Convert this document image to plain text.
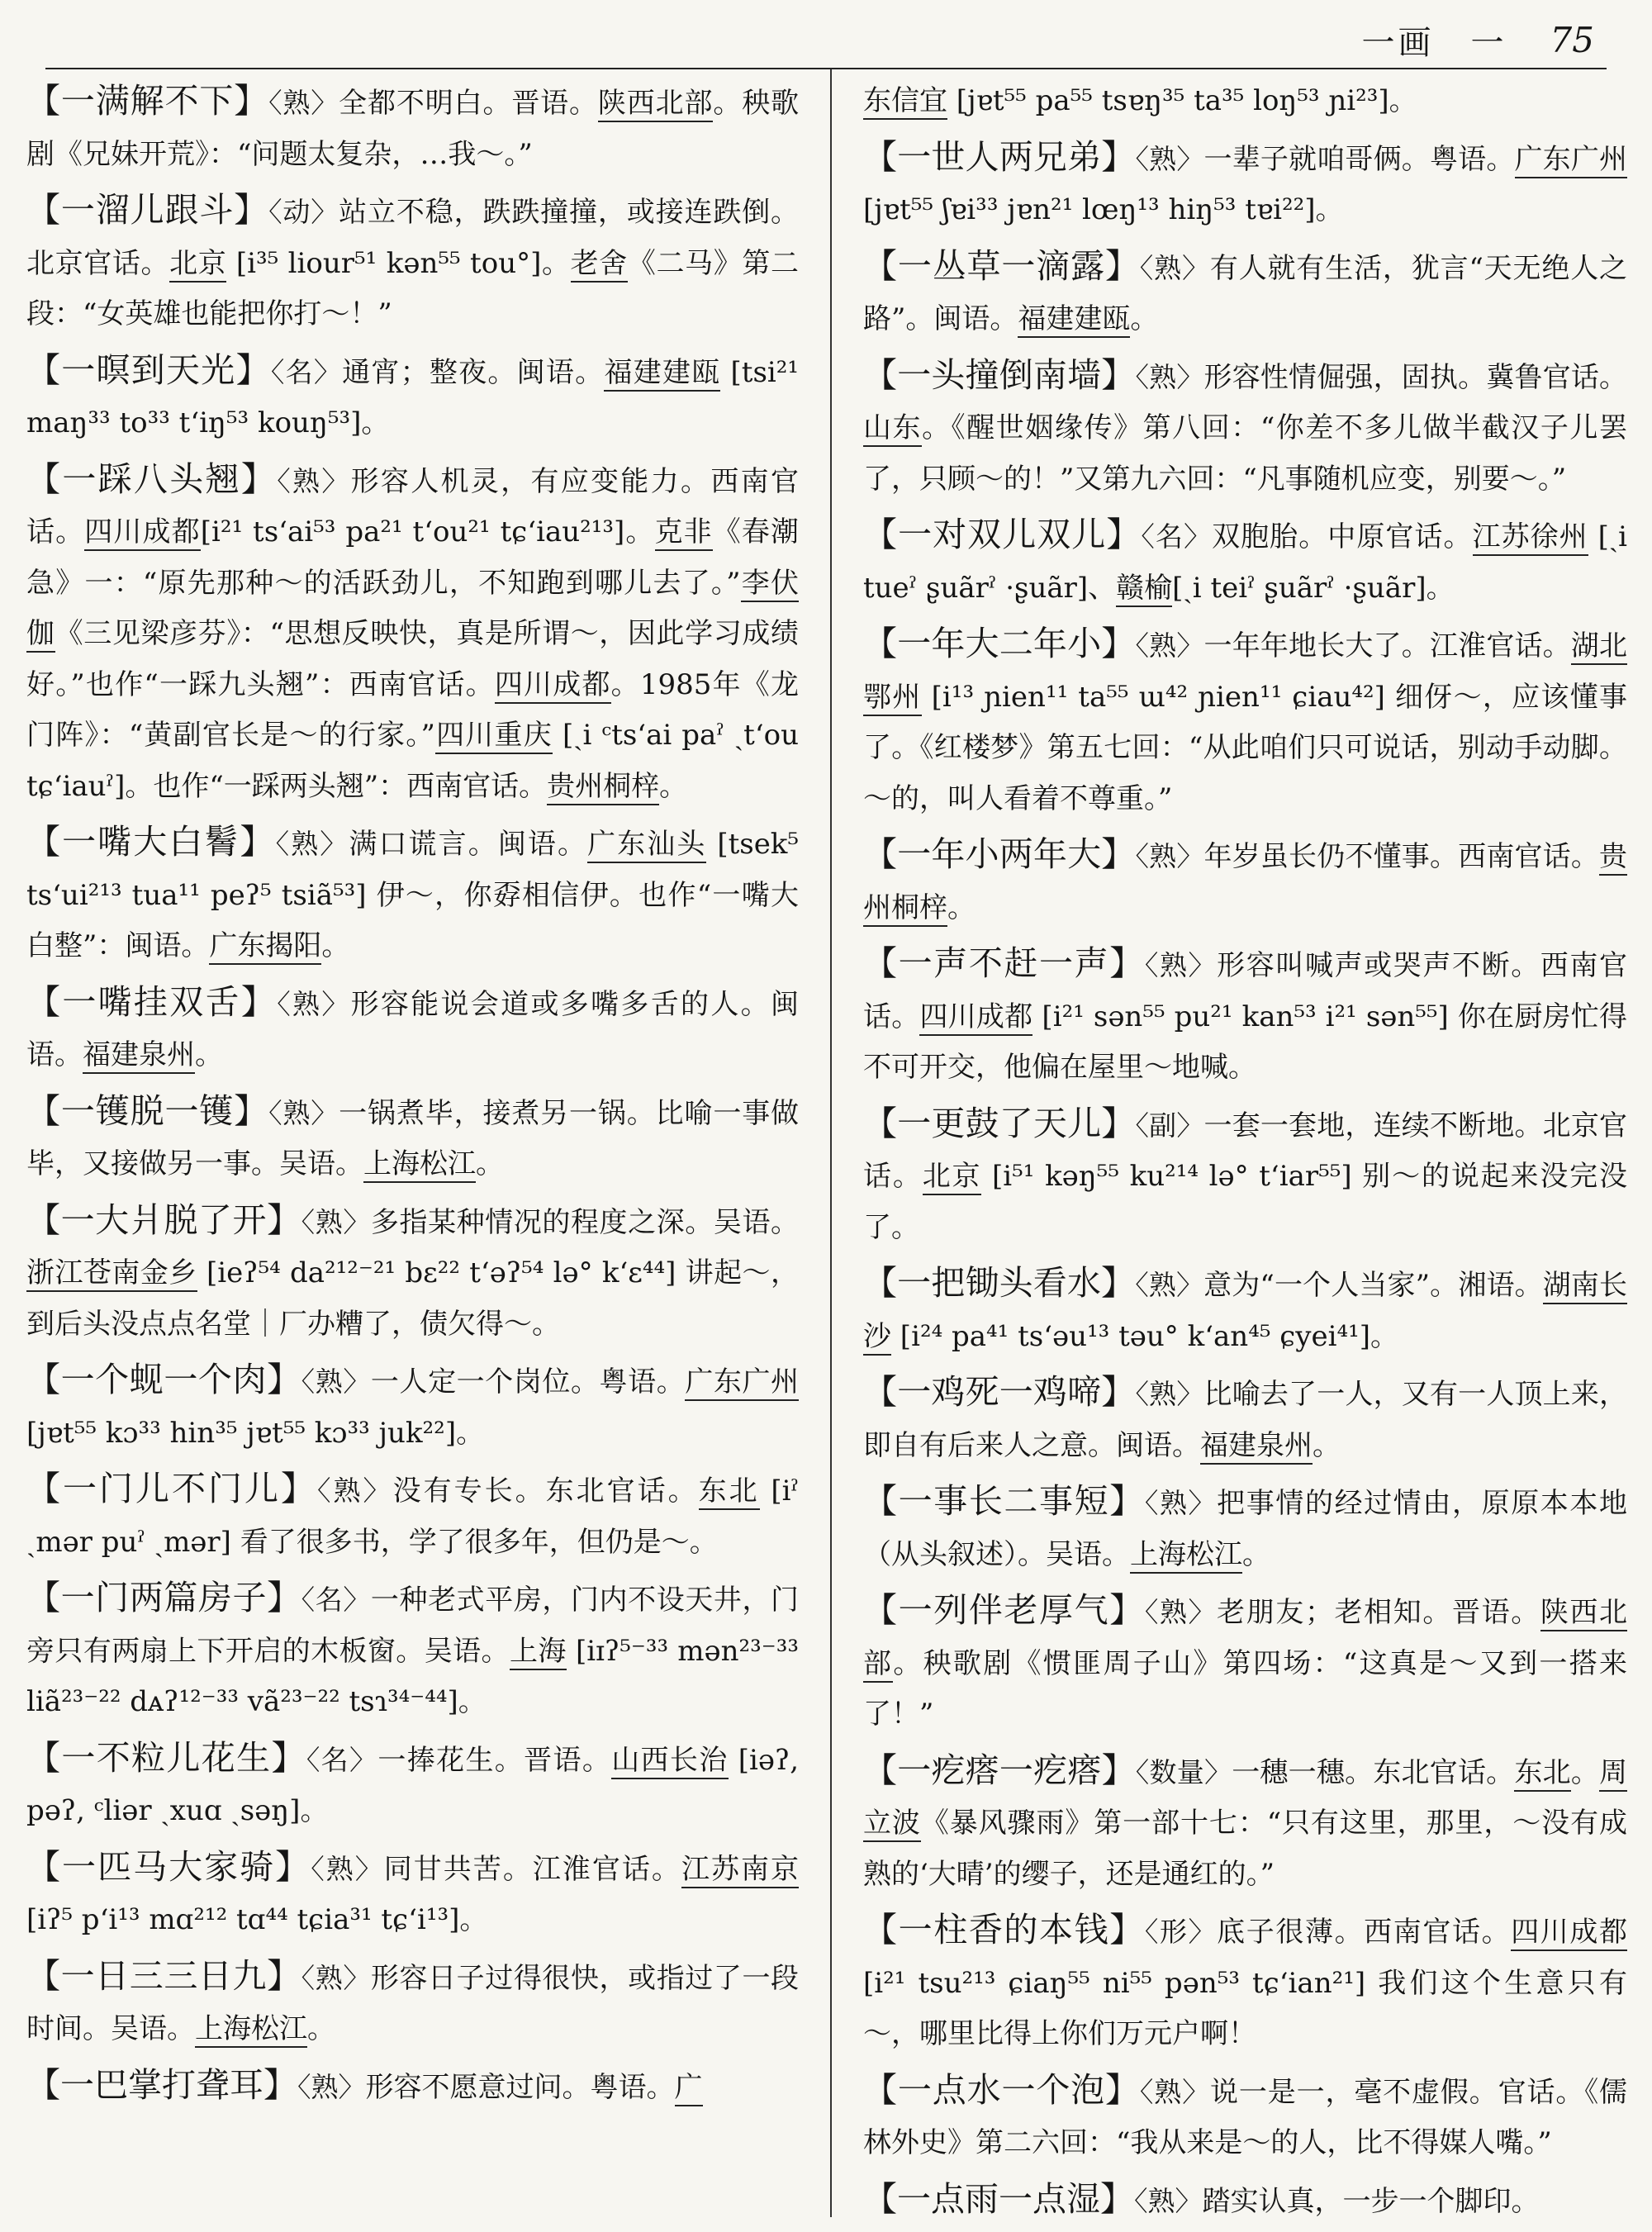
一画　一 75

【一满解不下】〈熟〉全都不明白。晋语。陕西北部。秧歌剧《兄妹开荒》：“问题太复杂，…我～。”

【一溜儿跟斗】〈动〉站立不稳，跌跌撞撞，或接连跌倒。北京官话。北京 [i³⁵ liour⁵¹ kən⁵⁵ tou°]。老舍《二马》第二段：“女英雄也能把你打～！”

【一暝到天光】〈名〉通宵；整夜。闽语。福建建瓯 [tsi²¹ maŋ³³ to³³ t‘iŋ⁵³ kouŋ⁵³]。

【一踩八头翘】〈熟〉形容人机灵，有应变能力。西南官话。四川成都[i²¹ ts‘ai⁵³ pa²¹ t‘ou²¹ tɕ‘iau²¹³]。克非《春潮急》一：“原先那种～的活跃劲儿，不知跑到哪儿去了。”李伏伽《三见梁彦芬》：“思想反映快，真是所谓～，因此学习成绩好。”也作“一踩九头翘”：西南官话。四川成都。1985年《龙门阵》：“黄副官长是～的行家。”四川重庆 [ˏi ᶜts‘ai paˀ ˏt‘ou tɕ‘iauˀ]。也作“一踩两头翘”：西南官话。贵州桐梓。

【一嘴大白鬌】〈熟〉满口谎言。闽语。广东汕头 [tsek⁵ ts‘ui²¹³ tua¹¹ peʔ⁵ tsiã⁵³] 伊～，你孬相信伊。也作“一嘴大白整”：闽语。广东揭阳。

【一嘴挂双舌】〈熟〉形容能说会道或多嘴多舌的人。闽语。福建泉州。

【一镬脱一镬】〈熟〉一锅煮毕，接煮另一锅。比喻一事做毕，又接做另一事。吴语。上海松江。

【一大爿脱了开】〈熟〉多指某种情况的程度之深。吴语。浙江苍南金乡 [ieʔ⁵⁴ da²¹²⁻²¹ bɛ²² t‘əʔ⁵⁴ lə° k‘ɛ⁴⁴] 讲起～，到后头没点点名堂｜厂办糟了，债欠得～。

【一个蚬一个肉】〈熟〉一人定一个岗位。粤语。广东广州 [jɐt⁵⁵ kɔ³³ hin³⁵ jɐt⁵⁵ kɔ³³ juk²²]。

【一门儿不门儿】〈熟〉没有专长。东北官话。东北 [iˀ ˏmər puˀ ˏmər] 看了很多书，学了很多年，但仍是～。

【一门两篇房子】〈名〉一种老式平房，门内不设天井，门旁只有两扇上下开启的木板窗。吴语。上海 [iɪʔ⁵⁻³³ mən²³⁻³³ liã²³⁻²² dᴀʔ¹²⁻³³ vã²³⁻²² tsɿ³⁴⁻⁴⁴]。

【一不粒儿花生】〈名〉一捧花生。晋语。山西长治 [iəʔ, pəʔ, ᶜliər ˏxuɑ ˏsəŋ]。

【一匹马大家骑】〈熟〉同甘共苦。江淮官话。江苏南京 [iʔ⁵ p‘i¹³ mɑ²¹² tɑ⁴⁴ tɕia³¹ tɕ‘i¹³]。

【一日三三日九】〈熟〉形容日子过得很快，或指过了一段时间。吴语。上海松江。

【一巴掌打聋耳】〈熟〉形容不愿意过问。粤语。广

东信宜 [jɐt⁵⁵ pa⁵⁵ tsɐŋ³⁵ ta³⁵ loŋ⁵³ ɲi²³]。

【一世人两兄弟】〈熟〉一辈子就咱哥俩。粤语。广东广州 [jɐt⁵⁵ ʃɐi³³ jɐn²¹ lœŋ¹³ hiŋ⁵³ tɐi²²]。

【一丛草一滴露】〈熟〉有人就有生活，犹言“天无绝人之路”。闽语。福建建瓯。

【一头撞倒南墙】〈熟〉形容性情倔强，固执。冀鲁官话。山东。《醒世姻缘传》第八回：“你差不多儿做半截汉子儿罢了，只顾～的！”又第九六回：“凡事随机应变，别要～。”

【一对双儿双儿】〈名〉双胞胎。中原官话。江苏徐州 [ˎi tueˀ ʂuãrˀ ·ʂuãr]、赣榆[ˎi teiˀ ʂuãrˀ ·ʂuãr]。

【一年大二年小】〈熟〉一年年地长大了。江淮官话。湖北鄂州 [i¹³ ɲien¹¹ ta⁵⁵ ɯ⁴² ɲien¹¹ ɕiau⁴²] 细伢～，应该懂事了。《红楼梦》第五七回：“从此咱们只可说话，别动手动脚。～的，叫人看着不尊重。”

【一年小两年大】〈熟〉年岁虽长仍不懂事。西南官话。贵州桐梓。

【一声不赶一声】〈熟〉形容叫喊声或哭声不断。西南官话。四川成都 [i²¹ sən⁵⁵ pu²¹ kan⁵³ i²¹ sən⁵⁵] 你在厨房忙得不可开交，他偏在屋里～地喊。

【一更鼓了天儿】〈副〉一套一套地，连续不断地。北京官话。北京 [i⁵¹ kəŋ⁵⁵ ku²¹⁴ lə° t‘iar⁵⁵] 别～的说起来没完没了。

【一把锄头看水】〈熟〉意为“一个人当家”。湘语。湖南长沙 [i²⁴ pa⁴¹ ts‘əu¹³ təu° k‘an⁴⁵ ɕyei⁴¹]。

【一鸡死一鸡啼】〈熟〉比喻去了一人，又有一人顶上来，即自有后来人之意。闽语。福建泉州。

【一事长二事短】〈熟〉把事情的经过情由，原原本本地（从头叙述）。吴语。上海松江。

【一列伴老厚气】〈熟〉老朋友；老相知。晋语。陕西北部。秧歌剧《惯匪周子山》第四场：“这真是～又到一搭来了！”

【一疙瘩一疙瘩】〈数量〉一穗一穗。东北官话。东北。周立波《暴风骤雨》第一部十七：“只有这里，那里，～没有成熟的‘大晴’的缨子，还是通红的。”

【一柱香的本钱】〈形〉底子很薄。西南官话。四川成都 [i²¹ tsu²¹³ ɕiaŋ⁵⁵ ni⁵⁵ pən⁵³ tɕ‘ian²¹] 我们这个生意只有～，哪里比得上你们万元户啊！

【一点水一个泡】〈熟〉说一是一，毫不虚假。官话。《儒林外史》第二六回：“我从来是～的人，比不得媒人嘴。”

【一点雨一点湿】〈熟〉踏实认真，一步一个脚印。
